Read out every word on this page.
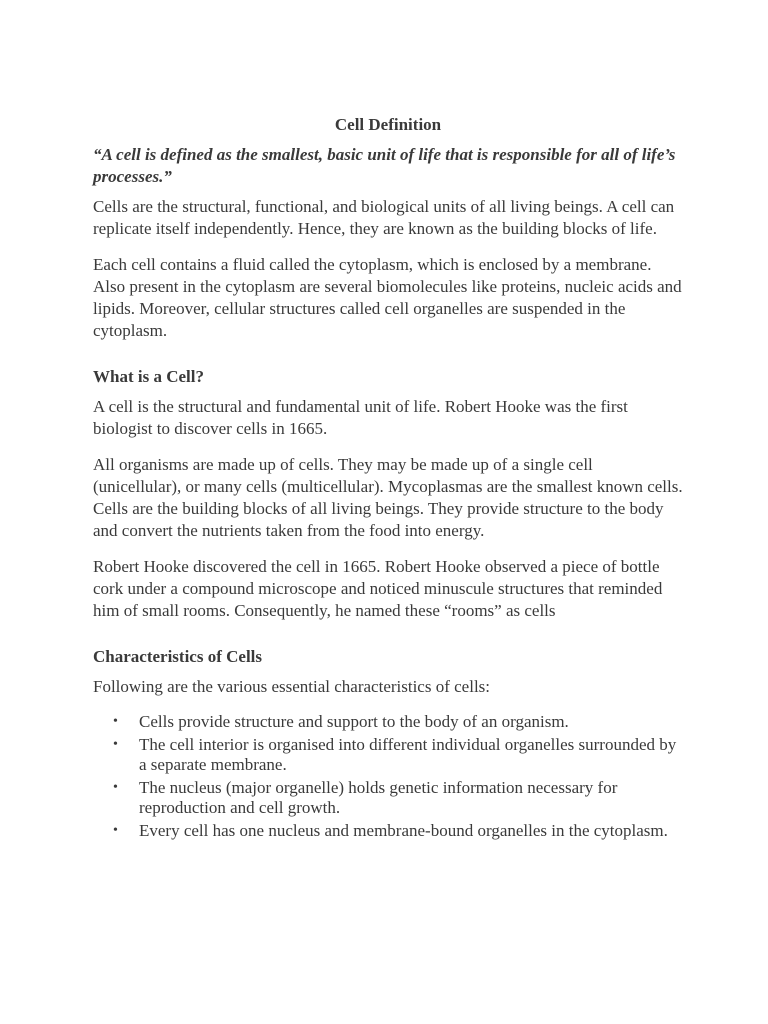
Cell Definition
“A cell is defined as the smallest, basic unit of life that is responsible for all of life’s processes.”

Cells are the structural, functional, and biological units of all living beings. A cell can replicate itself independently. Hence, they are known as the building blocks of life.

Each cell contains a fluid called the cytoplasm, which is enclosed by a membrane. Also present in the cytoplasm are several biomolecules like proteins, nucleic acids and lipids. Moreover, cellular structures called cell organelles are suspended in the cytoplasm.

What is a Cell?

A cell is the structural and fundamental unit of life. Robert Hooke was the first biologist to discover cells in 1665.

All organisms are made up of cells. They may be made up of a single cell (unicellular), or many cells (multicellular). Mycoplasmas are the smallest known cells. Cells are the building blocks of all living beings. They provide structure to the body and convert the nutrients taken from the food into energy.

Robert Hooke discovered the cell in 1665. Robert Hooke observed a piece of bottle cork under a compound microscope and noticed minuscule structures that reminded him of small rooms. Consequently, he named these “rooms” as cells

Characteristics of Cells

Following are the various essential characteristics of cells:

• Cells provide structure and support to the body of an organism.
• The cell interior is organised into different individual organelles surrounded by a separate membrane.
• The nucleus (major organelle) holds genetic information necessary for reproduction and cell growth.
• Every cell has one nucleus and membrane-bound organelles in the cytoplasm.
